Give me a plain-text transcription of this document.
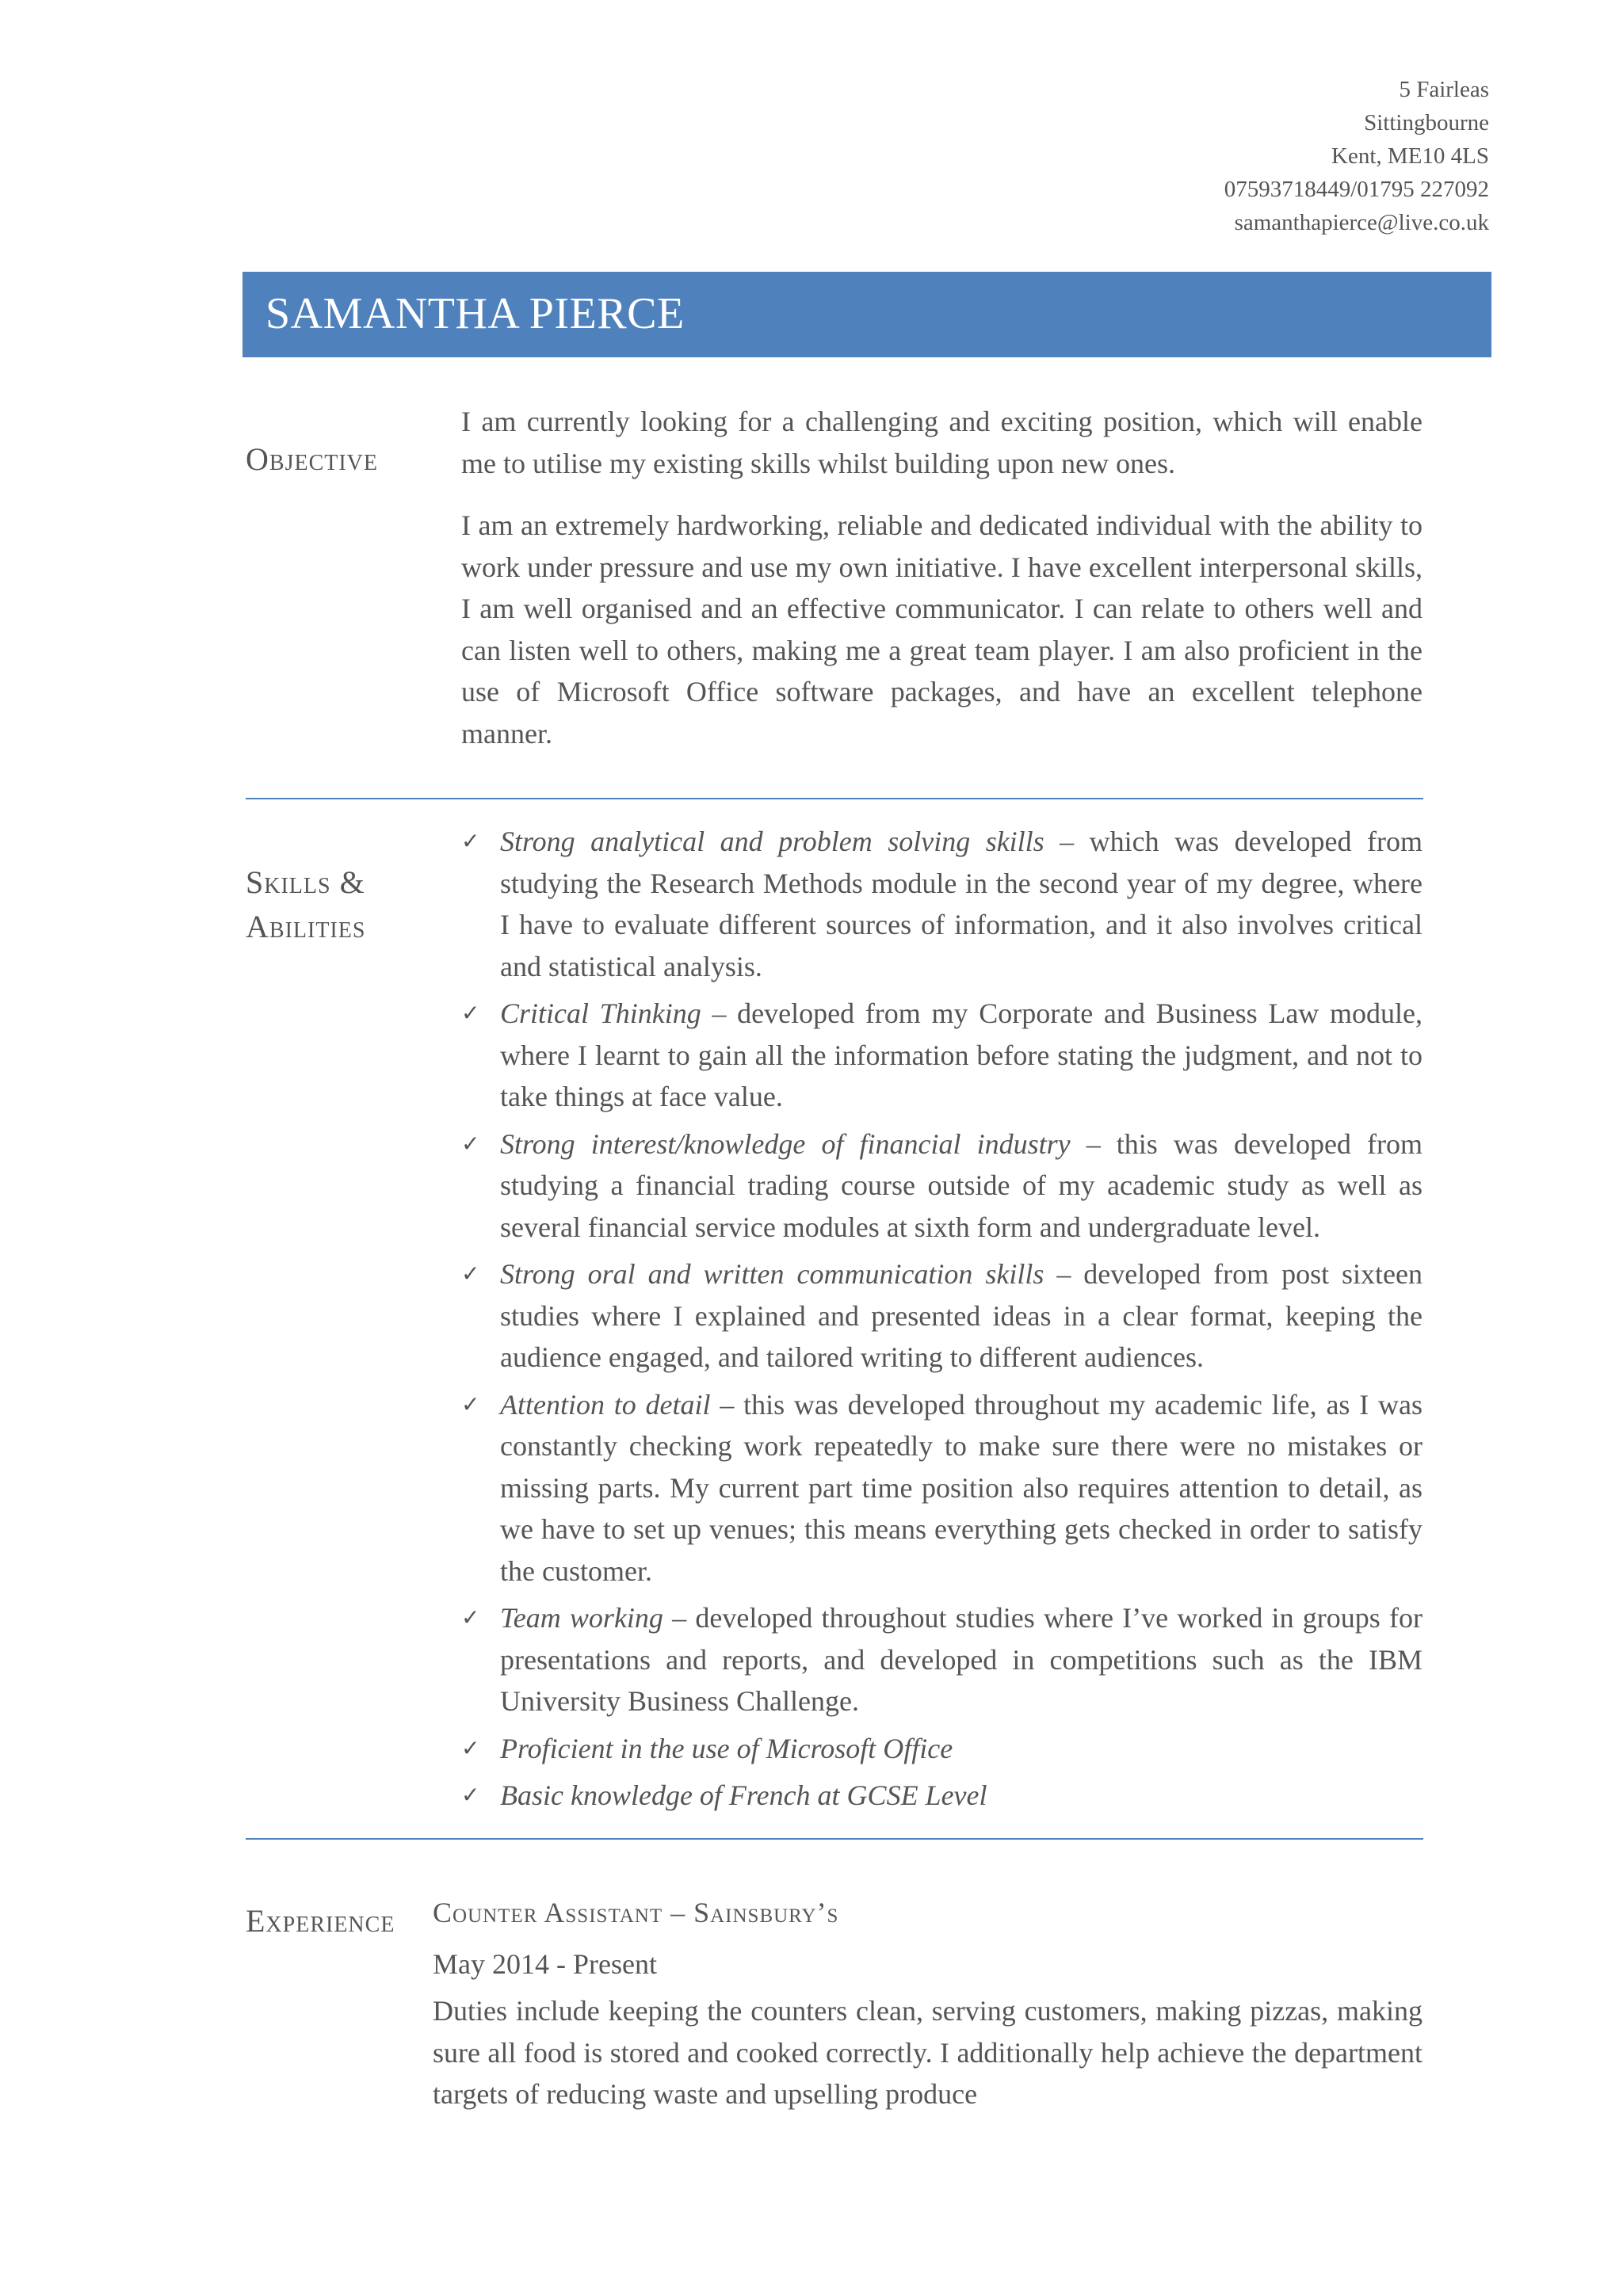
5 Fairleas
Sittingbourne
Kent, ME10 4LS
07593718449/01795 227092
samanthapierce@live.co.uk
SAMANTHA PIERCE
Objective
I am currently looking for a challenging and exciting position, which will enable me to utilise my existing skills whilst building upon new ones.
I am an extremely hardworking, reliable and dedicated individual with the ability to work under pressure and use my own initiative. I have excellent interpersonal skills, I am well organised and an effective communicator. I can relate to others well and can listen well to others, making me a great team player. I am also proficient in the use of Microsoft Office software packages, and have an excellent telephone manner.
Skills &
Abilities
✓ Strong analytical and problem solving skills – which was developed from studying the Research Methods module in the second year of my degree, where I have to evaluate different sources of information, and it also involves critical and statistical analysis.
✓ Critical Thinking – developed from my Corporate and Business Law module, where I learnt to gain all the information before stating the judgment, and not to take things at face value.
✓ Strong interest/knowledge of financial industry – this was developed from studying a financial trading course outside of my academic study as well as several financial service modules at sixth form and undergraduate level.
✓ Strong oral and written communication skills – developed from post sixteen studies where I explained and presented ideas in a clear format, keeping the audience engaged, and tailored writing to different audiences.
✓ Attention to detail – this was developed throughout my academic life, as I was constantly checking work repeatedly to make sure there were no mistakes or missing parts. My current part time position also requires attention to detail, as we have to set up venues; this means everything gets checked in order to satisfy the customer.
✓ Team working – developed throughout studies where I’ve worked in groups for presentations and reports, and developed in competitions such as the IBM University Business Challenge.
✓ Proficient in the use of Microsoft Office
✓ Basic knowledge of French at GCSE Level
Experience Counter Assistant – Sainsbury’s
May 2014 - Present
Duties include keeping the counters clean, serving customers, making pizzas, making sure all food is stored and cooked correctly. I additionally help achieve the department targets of reducing waste and upselling produce
